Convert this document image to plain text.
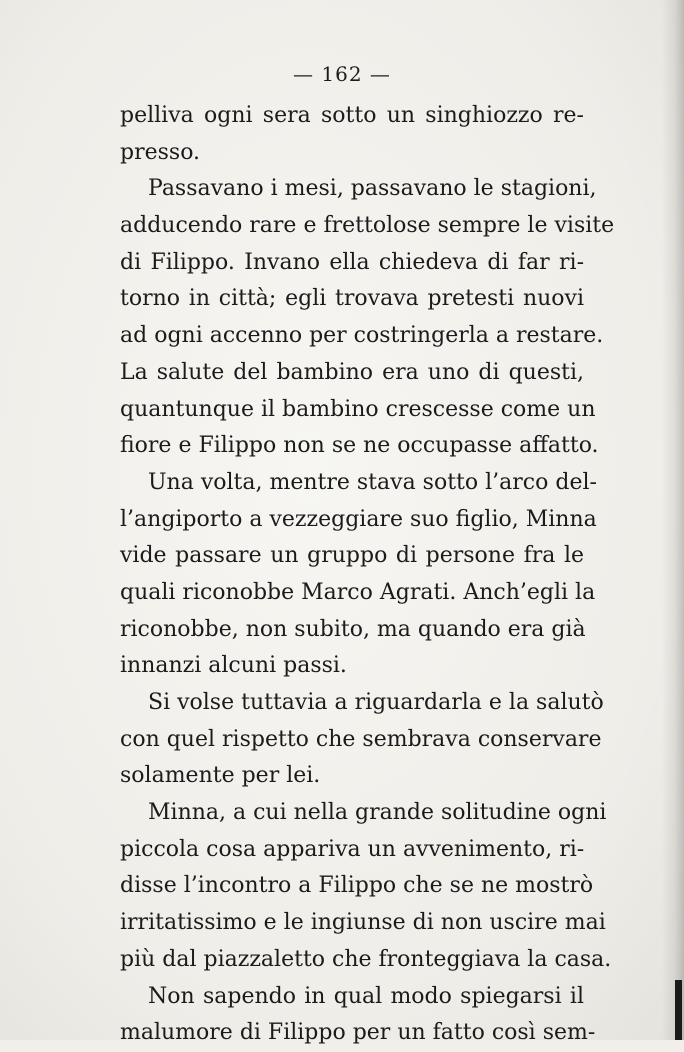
— 162 —
pelliva ogni sera sotto un singhiozzo re-
presso.
Passavano i mesi, passavano le stagioni,
adducendo rare e frettolose sempre le visite
di Filippo. Invano ella chiedeva di far ri-
torno in città; egli trovava pretesti nuovi
ad ogni accenno per costringerla a restare.
La salute del bambino era uno di questi,
quantunque il bambino crescesse come un
fiore e Filippo non se ne occupasse affatto.
Una volta, mentre stava sotto l’arco del-
l’angiporto a vezzeggiare suo figlio, Minna
vide passare un gruppo di persone fra le
quali riconobbe Marco Agrati. Anch’egli la
riconobbe, non subito, ma quando era già
innanzi alcuni passi.
Si volse tuttavia a riguardarla e la salutò
con quel rispetto che sembrava conservare
solamente per lei.
Minna, a cui nella grande solitudine ogni
piccola cosa appariva un avvenimento, ri-
disse l’incontro a Filippo che se ne mostrò
irritatissimo e le ingiunse di non uscire mai
più dal piazzaletto che fronteggiava la casa.
Non sapendo in qual modo spiegarsi il
malumore di Filippo per un fatto così sem-
